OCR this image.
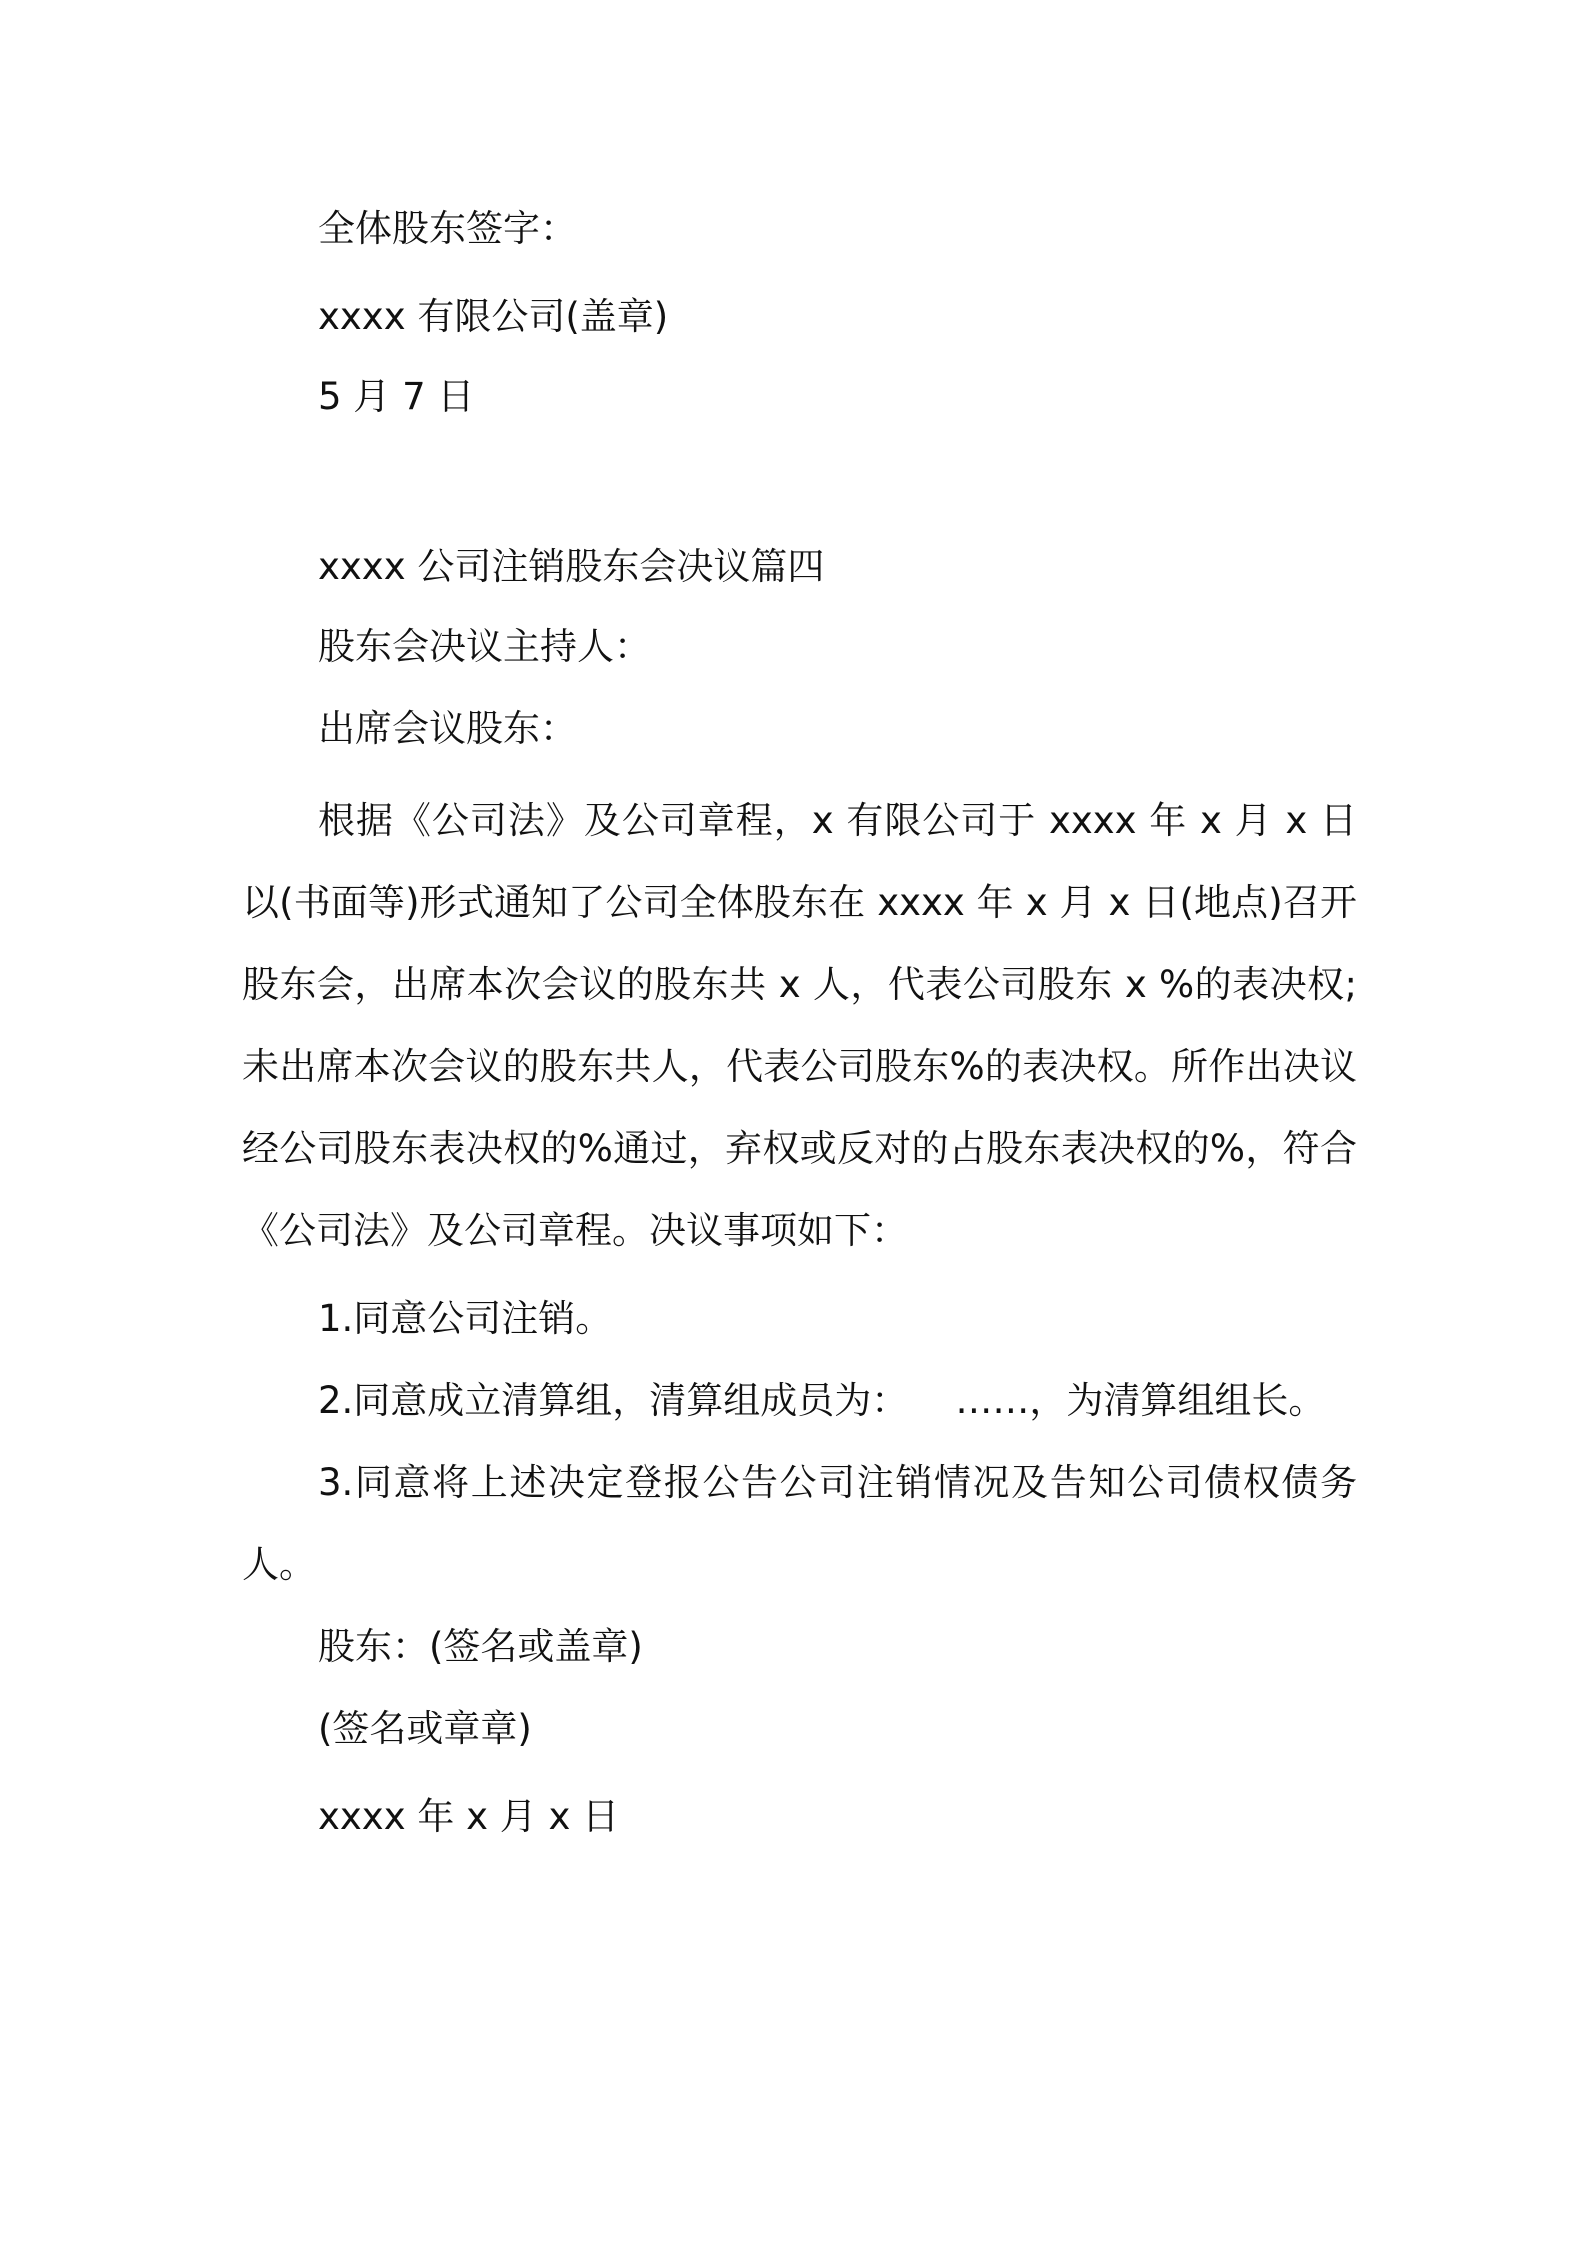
全体股东签字：
xxxx 有限公司(盖章)
5 月 7 日
xxxx 公司注销股东会决议篇四
股东会决议主持人：
出席会议股东：

根据《公司法》及公司章程，x 有限公司于 xxxx 年 x 月 x 日以(书面等)形式通知了公司全体股东在 xxxx 年 x 月 x 日(地点)召开股东会，出席本次会议的股东共 x 人，代表公司股东 x %的表决权;未出席本次会议的股东共人，代表公司股东%的表决权。所作出决议经公司股东表决权的%通过，弃权或反对的占股东表决权的%，符合《公司法》及公司章程。决议事项如下：

1.同意公司注销。
2.同意成立清算组，清算组成员为：    ……，为清算组组长。

3.同意将上述决定登报公告公司注销情况及告知公司债权债务人。

股东：(签名或盖章)
(签名或章章)
xxxx 年 x 月 x 日
